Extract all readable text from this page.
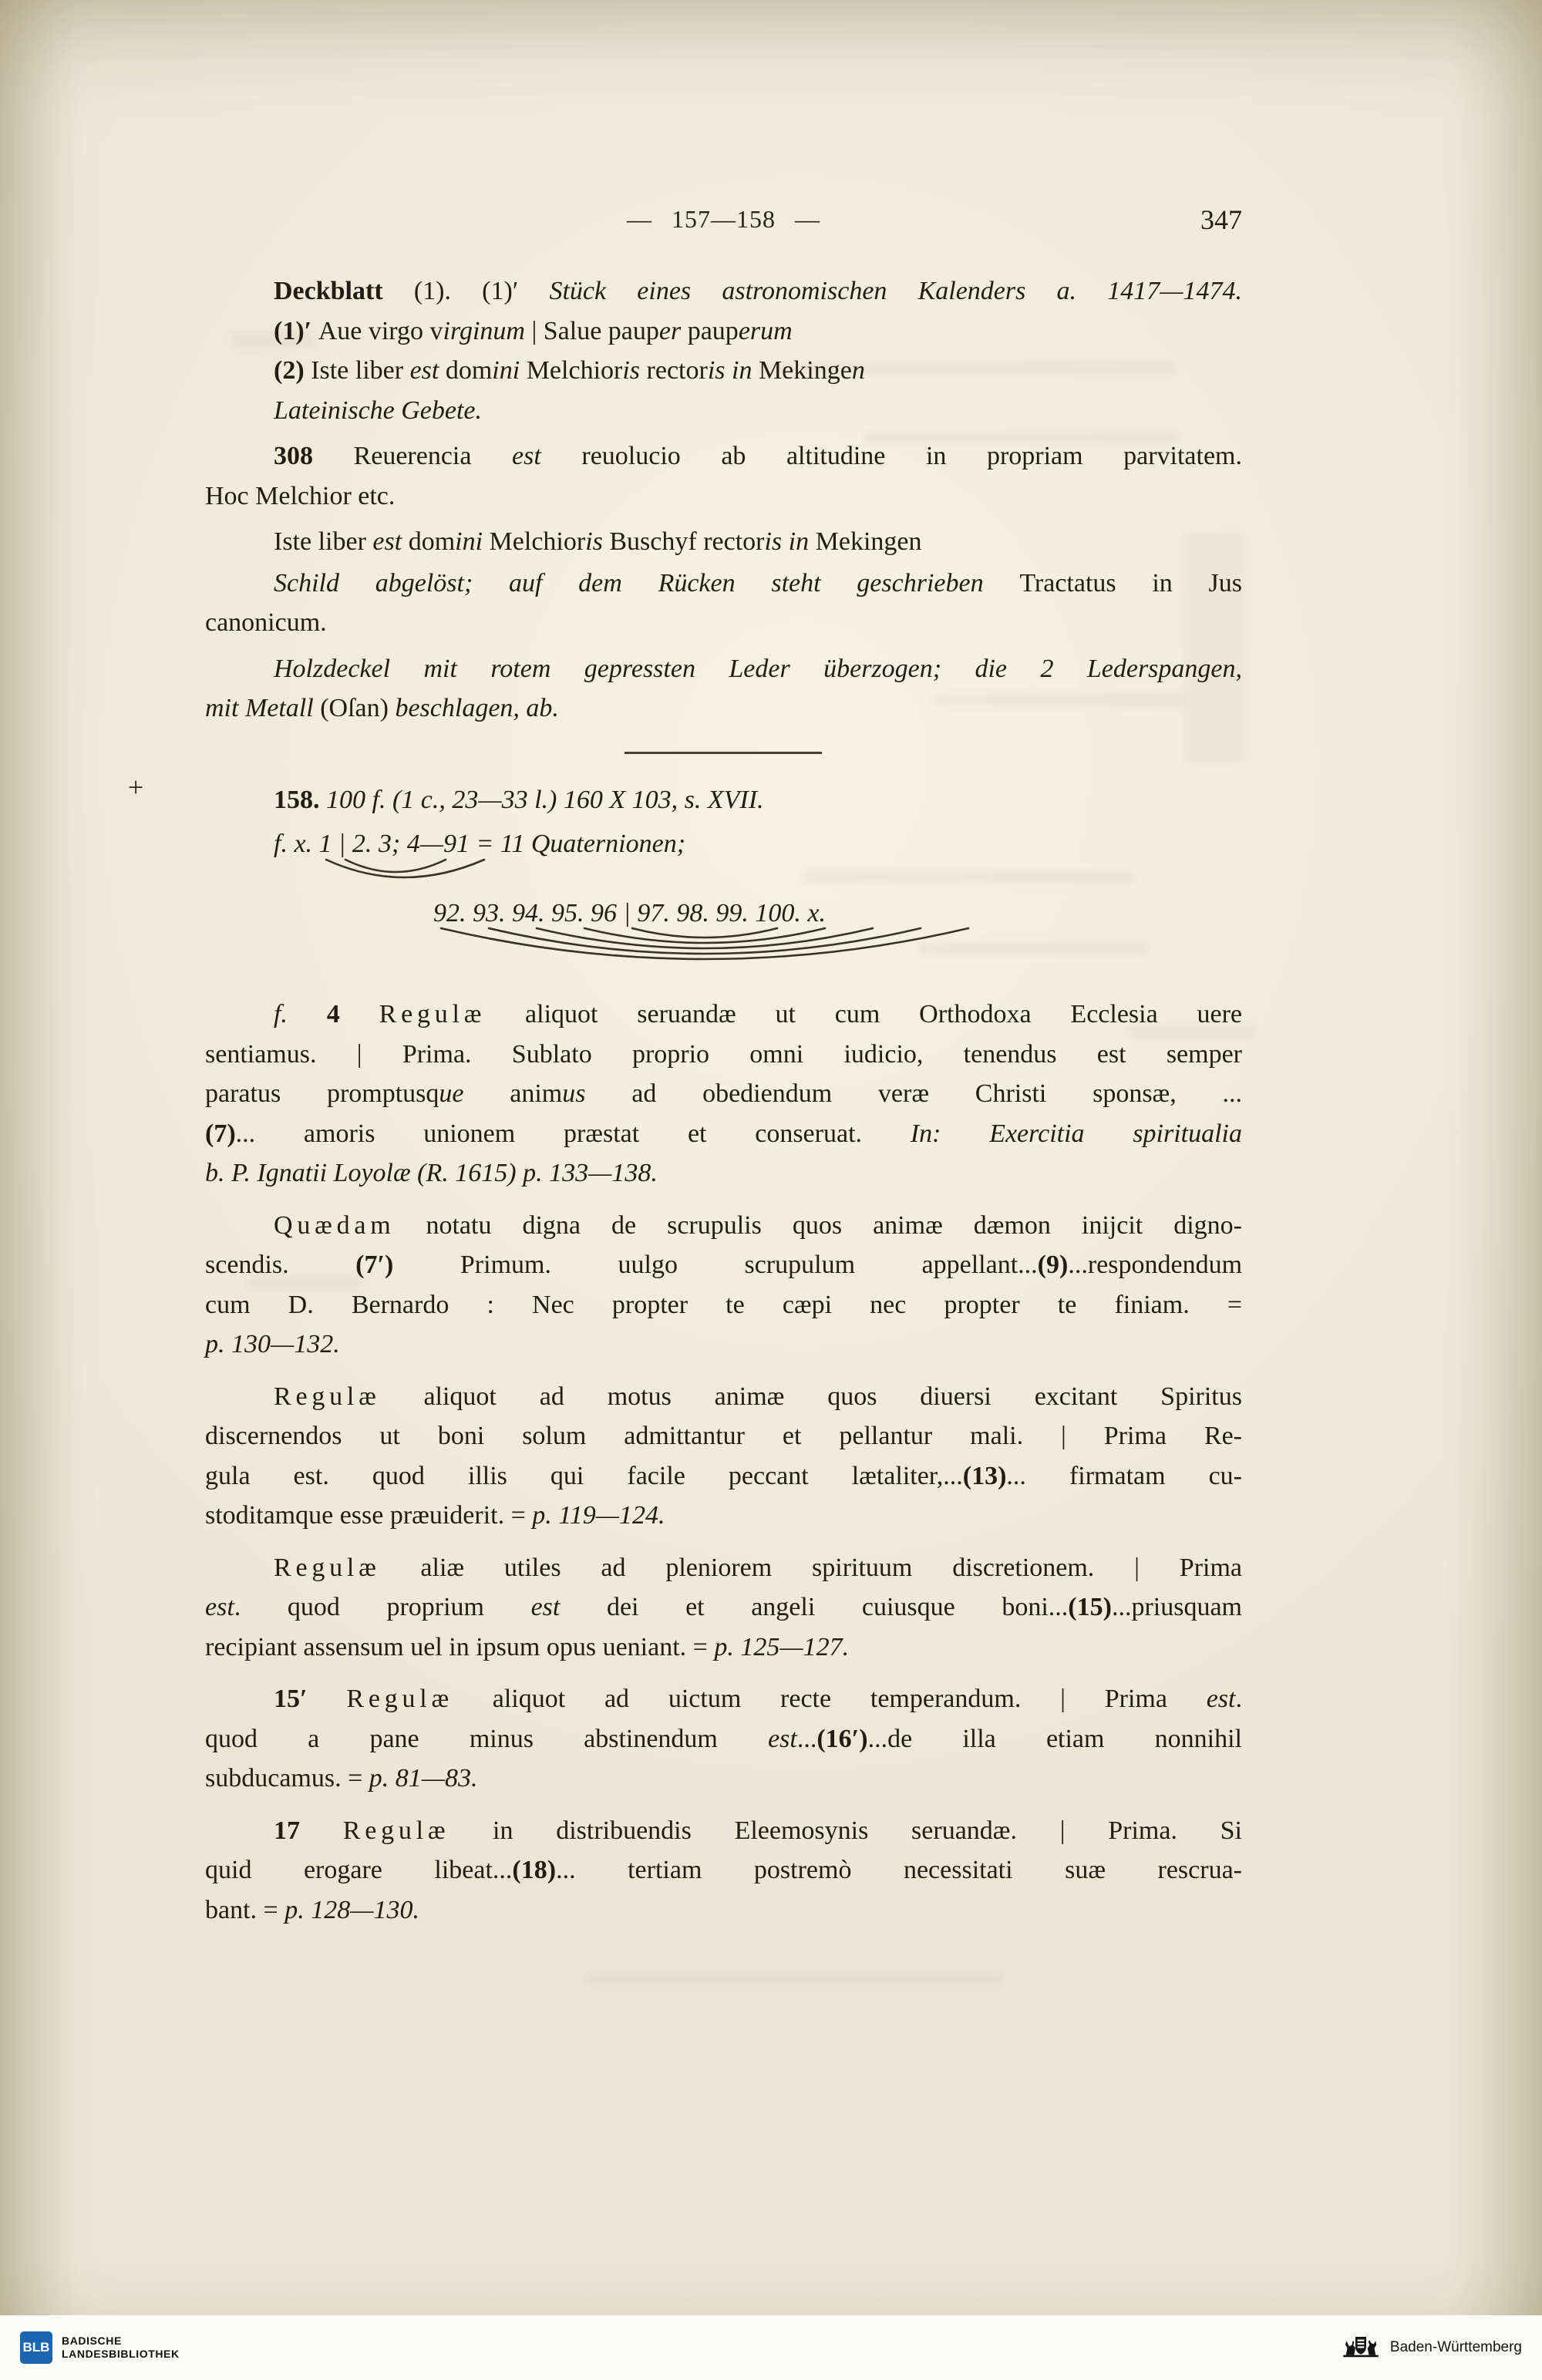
— 157—158 —	347
+
Deckblatt (1). (1)′ Stück eines astronomischen Kalenders a. 1417—1474.
(1)′ Aue virgo virginum | Salue pauper pauperum
(2) Iste liber est domini Melchioris rectoris in Mekingen
Lateinische Gebete.
308 Reuerencia est reuolucio ab altitudine in propriam parvitatem.
Hoc Melchior etc.
Iste liber est domini Melchioris Buschyf rectoris in Mekingen
Schild abgelöst; auf dem Rücken steht geschrieben Tractatus in Jus
canonicum.
Holzdeckel mit rotem gepressten Leder überzogen; die 2 Lederspangen,
mit Metall (Oſan) beschlagen, ab.
158. 100 f. (1 c., 23—33 l.) 160 X 103, s. XVII.
f. x. 1 | 2. 3; 4—91 = 11 Quaternionen;
92. 93. 94. 95. 96 | 97. 98. 99. 100. x.
f. 4 Regulæ aliquot seruandæ ut cum Orthodoxa Ecclesia uere
sentiamus. | Prima. Sublato proprio omni iudicio, tenendus est semper
paratus promptusque animus ad obediendum veræ Christi sponsæ, ...
(7)... amoris unionem præstat et conseruat. In: Exercitia spiritualia
b. P. Ignatii Loyolæ (R. 1615) p. 133—138.
Quædam notatu digna de scrupulis quos animæ dæmon inijcit digno-
scendis. (7′) Primum. uulgo scrupulum appellant...(9)...respondendum
cum D. Bernardo : Nec propter te cæpi nec propter te finiam. =
p. 130—132.
Regulæ aliquot ad motus animæ quos diuersi excitant Spiritus
discernendos ut boni solum admittantur et pellantur mali. | Prima Re-
gula est. quod illis qui facile peccant lætaliter,...(13)... firmatam cu-
stoditamque esse præuiderit. = p. 119—124.
Regulæ aliæ utiles ad pleniorem spirituum discretionem. | Prima
est. quod proprium est dei et angeli cuiusque boni...(15)...priusquam
recipiant assensum uel in ipsum opus ueniant. = p. 125—127.
15′ Regulæ aliquot ad uictum recte temperandum. | Prima est.
quod a pane minus abstinendum est...(16′)...de illa etiam nonnihil
subducamus. = p. 81—83.
17 Regulæ in distribuendis Eleemosynis seruandæ. | Prima. Si
quid erogare libeat...(18)... tertiam postremò necessitati suæ rescrua-
bant. = p. 128—130.
BLB BADISCHE
LANDESBIBLIOTHEK	Baden-Württemberg
